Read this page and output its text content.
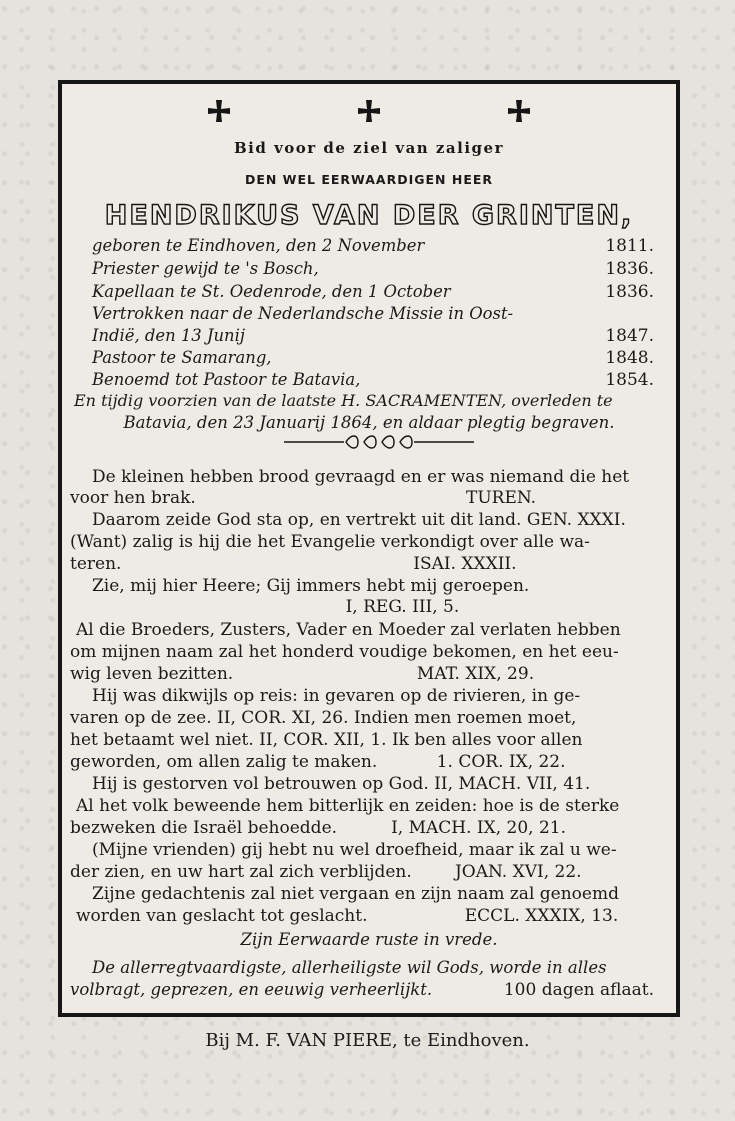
Bid voor de ziel van zaliger
DEN WEL EERWAARDIGEN HEER
HENDRIKUS VAN DER GRINTEN,
geboren te Eindhoven, den 2 November	1811.
Priester gewijd te 's Bosch,	1836.
Kapellaan te St. Oedenrode, den 1 October	1836.
Vertrokken naar de Nederlandsche Missie in Oost-
Indië, den 13 Junij	1847.
Pastoor te Samarang,	1848.
Benoemd tot Pastoor te Batavia,	1854.
En tijdig voorzien van de laatste H. SACRAMENTEN, overleden te
Batavia, den 23 Januarij 1864, en aldaar plegtig begraven.
De kleinen hebben brood gevraagd en er was niemand die het
voor hen brak.                                                  TUREN.
Daarom zeide God sta op, en vertrekt uit dit land. GEN. XXXI.
(Want) zalig is hij die het Evangelie verkondigt over alle wa-
teren.                                                      ISAI. XXXII.
Zie, mij hier Heere; Gij immers hebt mij geroepen.
I, REG. III, 5.
Al die Broeders, Zusters, Vader en Moeder zal verlaten hebben
om mijnen naam zal het honderd voudige bekomen, en het eeu-
wig leven bezitten.                                  MAT. XIX, 29.
Hij was dikwijls op reis: in gevaren op de rivieren, in ge-
varen op de zee. II, COR. XI, 26. Indien men roemen moet,
het betaamt wel niet. II, COR. XII, 1. Ik ben alles voor allen
geworden, om allen zalig te maken.           1. COR. IX, 22.
Hij is gestorven vol betrouwen op God. II, MACH. VII, 41.
Al het volk beweende hem bitterlijk en zeiden: hoe is de sterke
bezweken die Israël behoedde.          I, MACH. IX, 20, 21.
(Mijne vrienden) gij hebt nu wel droefheid, maar ik zal u we-
der zien, en uw hart zal zich verblijden.        JOAN. XVI, 22.
Zijne gedachtenis zal niet vergaan en zijn naam zal genoemd
worden van geslacht tot geslacht.                  ECCL. XXXIX, 13.
Zijn Eerwaarde ruste in vrede.
De allerregtvaardigste, allerheiligste wil Gods, worde in alles
volbragt, geprezen, en eeuwig verheerlijkt.	100 dagen aflaat.
Bij M. F. VAN PIERE, te Eindhoven.
